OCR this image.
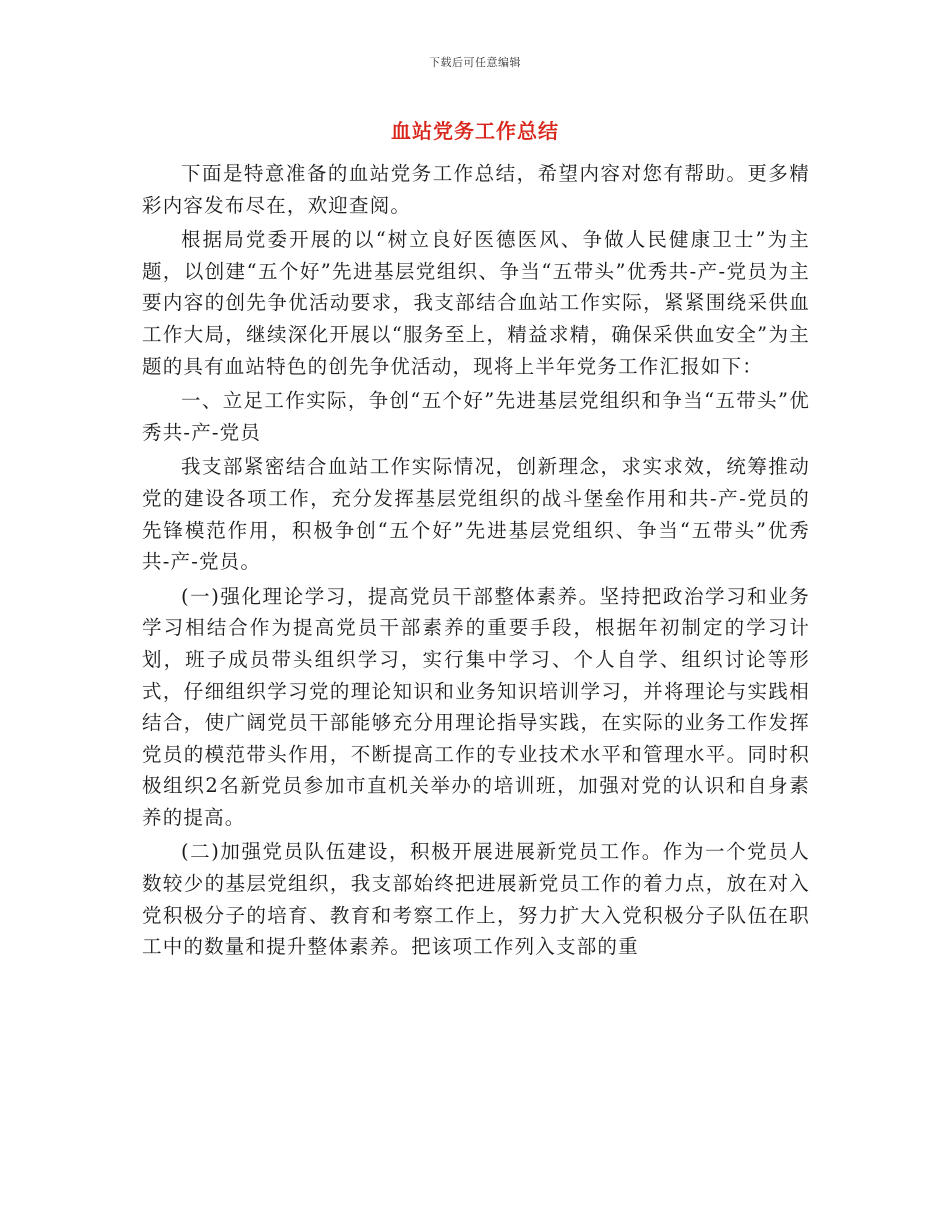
下载后可任意编辑
血站党务工作总结

下面是特意准备的血站党务工作总结，希望内容对您有帮助。更多精彩内容发布尽在，欢迎查阅。

根据局党委开展的以“树立良好医德医风、争做人民健康卫士”为主题，以创建“五个好”先进基层党组织、争当“五带头”优秀共-产-党员为主要内容的创先争优活动要求，我支部结合血站工作实际，紧紧围绕采供血工作大局，继续深化开展以“服务至上，精益求精，确保采供血安全”为主题的具有血站特色的创先争优活动，现将上半年党务工作汇报如下：

一、立足工作实际，争创“五个好”先进基层党组织和争当“五带头”优秀共-产-党员

我支部紧密结合血站工作实际情况，创新理念，求实求效，统筹推动党的建设各项工作，充分发挥基层党组织的战斗堡垒作用和共-产-党员的先锋模范作用，积极争创“五个好”先进基层党组织、争当“五带头”优秀共-产-党员。

(一)强化理论学习，提高党员干部整体素养。坚持把政治学习和业务学习相结合作为提高党员干部素养的重要手段，根据年初制定的学习计划，班子成员带头组织学习，实行集中学习、个人自学、组织讨论等形式，仔细组织学习党的理论知识和业务知识培训学习，并将理论与实践相结合，使广阔党员干部能够充分用理论指导实践，在实际的业务工作发挥党员的模范带头作用，不断提高工作的专业技术水平和管理水平。同时积极组织2名新党员参加市直机关举办的培训班，加强对党的认识和自身素养的提高。

(二)加强党员队伍建设，积极开展进展新党员工作。作为一个党员人数较少的基层党组织，我支部始终把进展新党员工作的着力点，放在对入党积极分子的培育、教育和考察工作上，努力扩大入党积极分子队伍在职工中的数量和提升整体素养。把该项工作列入支部的重
